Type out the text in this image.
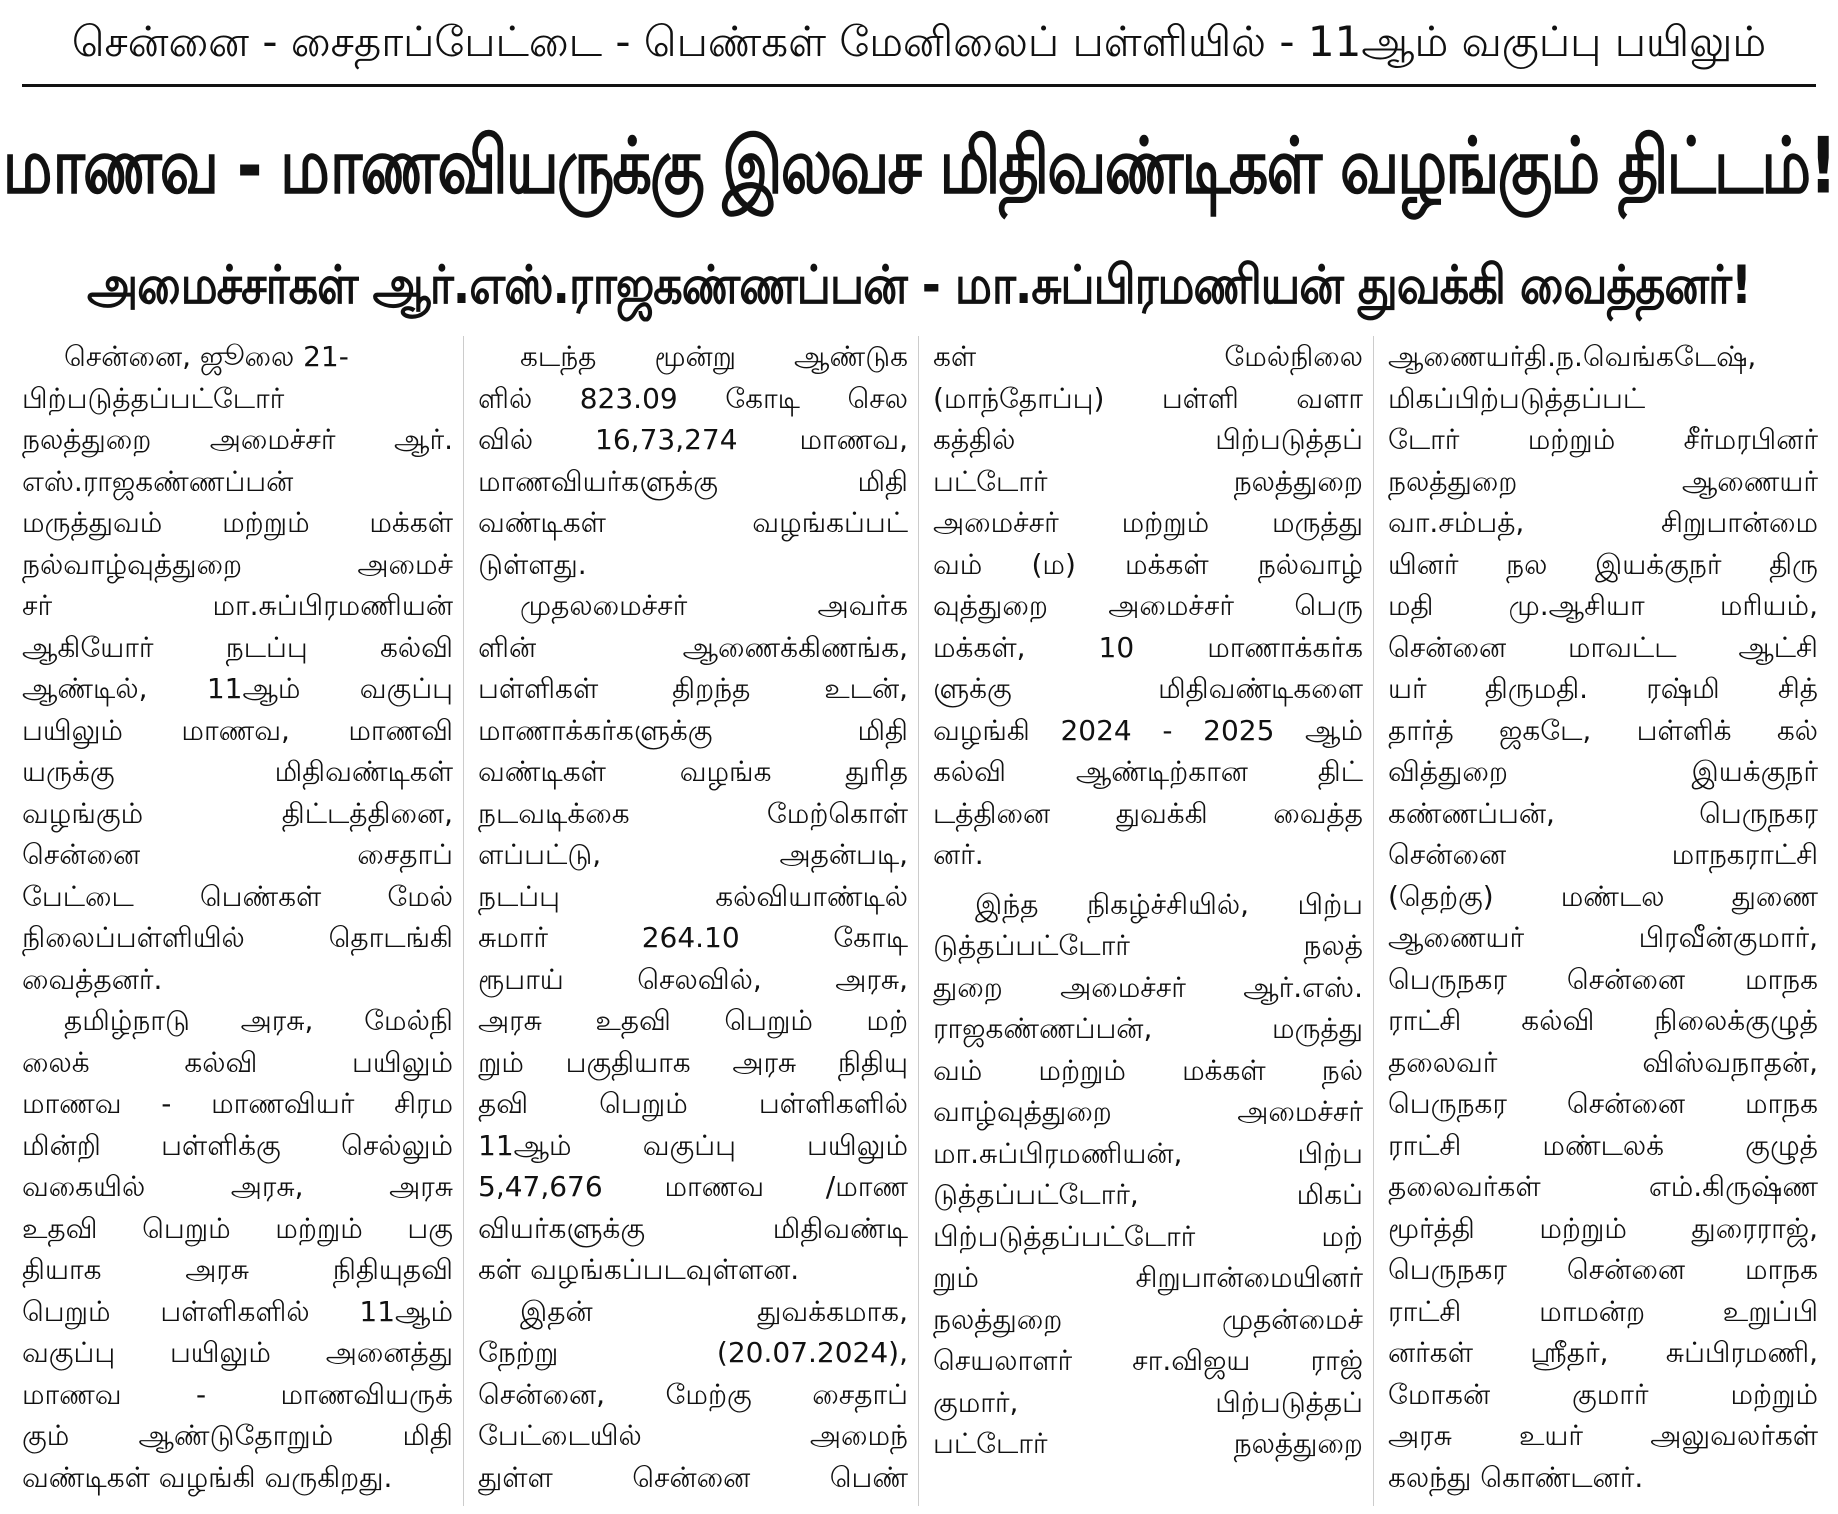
சென்னை - சைதாப்பேட்டை - பெண்கள் மேனிலைப் பள்ளியில் - 11ஆம் வகுப்பு பயிலும்
மாணவ - மாணவியருக்கு இலவச மிதிவண்டிகள் வழங்கும் திட்டம்!
அமைச்சர்கள் ஆர்.எஸ்.ராஜகண்ணப்பன் - மா.சுப்பிரமணியன் துவக்கி வைத்தனர்!
சென்னை, ஜூலை 21-
பிற்படுத்தப்பட்டோர்
நலத்துறை அமைச்சர் ஆர்.
எஸ்.ராஜகண்ணப்பன்
மருத்துவம் மற்றும் மக்கள்
நல்வாழ்வுத்துறை அமைச்
சர் மா.சுப்பிரமணியன்
ஆகியோர் நடப்பு கல்வி
ஆண்டில், 11ஆம் வகுப்பு
பயிலும் மாணவ, மாணவி
யருக்கு மிதிவண்டிகள்
வழங்கும் திட்டத்தினை,
சென்னை சைதாப்
பேட்டை பெண்கள் மேல்
நிலைப்பள்ளியில் தொடங்கி
வைத்தனர்.
தமிழ்நாடு அரசு, மேல்நி
லைக் கல்வி பயிலும்
மாணவ - மாணவியர் சிரம
மின்றி பள்ளிக்கு செல்லும்
வகையில் அரசு, அரசு
உதவி பெறும் மற்றும் பகு
தியாக அரசு நிதியுதவி
பெறும் பள்ளிகளில் 11ஆம்
வகுப்பு பயிலும் அனைத்து
மாணவ - மாணவியருக்
கும் ஆண்டுதோறும் மிதி
வண்டிகள் வழங்கி வருகிறது.
கடந்த மூன்று ஆண்டுக
ளில் 823.09 கோடி செல
வில் 16,73,274 மாணவ,
மாணவியர்களுக்கு மிதி
வண்டிகள் வழங்கப்பட்
டுள்ளது.
முதலமைச்சர் அவர்க
ளின் ஆணைக்கிணங்க,
பள்ளிகள் திறந்த உடன்,
மாணாக்கர்களுக்கு மிதி
வண்டிகள் வழங்க துரித
நடவடிக்கை மேற்கொள்
ளப்பட்டு, அதன்படி,
நடப்பு கல்வியாண்டில்
சுமார் 264.10 கோடி
ரூபாய் செலவில், அரசு,
அரசு உதவி பெறும் மற்
றும் பகுதியாக அரசு நிதியு
தவி பெறும் பள்ளிகளில்
11ஆம் வகுப்பு பயிலும்
5,47,676 மாணவ /மாண
வியர்களுக்கு மிதிவண்டி
கள் வழங்கப்படவுள்ளன.
இதன் துவக்கமாக,
நேற்று (20.07.2024),
சென்னை, மேற்கு சைதாப்
பேட்டையில் அமைந்
துள்ள சென்னை பெண்
கள் மேல்நிலை
(மாந்தோப்பு) பள்ளி வளா
கத்தில் பிற்படுத்தப்
பட்டோர் நலத்துறை
அமைச்சர் மற்றும் மருத்து
வம் (ம) மக்கள் நல்வாழ்
வுத்துறை அமைச்சர் பெரு
மக்கள், 10 மாணாக்கர்க
ளுக்கு மிதிவண்டிகளை
வழங்கி 2024 - 2025 ஆம்
கல்வி ஆண்டிற்கான திட்
டத்தினை துவக்கி வைத்த
னர்.
இந்த நிகழ்ச்சியில், பிற்ப
டுத்தப்பட்டோர் நலத்
துறை அமைச்சர் ஆர்.எஸ்.
ராஜகண்ணப்பன், மருத்து
வம் மற்றும் மக்கள் நல்
வாழ்வுத்துறை அமைச்சர்
மா.சுப்பிரமணியன், பிற்ப
டுத்தப்பட்டோர், மிகப்
பிற்படுத்தப்பட்டோர் மற்
றும் சிறுபான்மையினர்
நலத்துறை முதன்மைச்
செயலாளர் சா.விஜய ராஜ்
குமார், பிற்படுத்தப்
பட்டோர் நலத்துறை
ஆணையர்தி.ந.வெங்கடேஷ்,
மிகப்பிற்படுத்தப்பட்
டோர் மற்றும் சீர்மரபினர்
நலத்துறை ஆணையர்
வா.சம்பத், சிறுபான்மை
யினர் நல இயக்குநர் திரு
மதி மு.ஆசியா மரியம்,
சென்னை மாவட்ட ஆட்சி
யர் திருமதி. ரஷ்மி சித்
தார்த் ஜகடே, பள்ளிக் கல்
வித்துறை இயக்குநர்
கண்ணப்பன், பெருநகர
சென்னை மாநகராட்சி
(தெற்கு) மண்டல துணை
ஆணையர் பிரவீன்குமார்,
பெருநகர சென்னை மாநக
ராட்சி கல்வி நிலைக்குழுத்
தலைவர் விஸ்வநாதன்,
பெருநகர சென்னை மாநக
ராட்சி மண்டலக் குழுத்
தலைவர்கள் எம்.கிருஷ்ண
மூர்த்தி மற்றும் துரைராஜ்,
பெருநகர சென்னை மாநக
ராட்சி மாமன்ற உறுப்பி
னர்கள் ஸ்ரீதர், சுப்பிரமணி,
மோகன் குமார் மற்றும்
அரசு உயர் அலுவலர்கள்
கலந்து கொண்டனர்.
